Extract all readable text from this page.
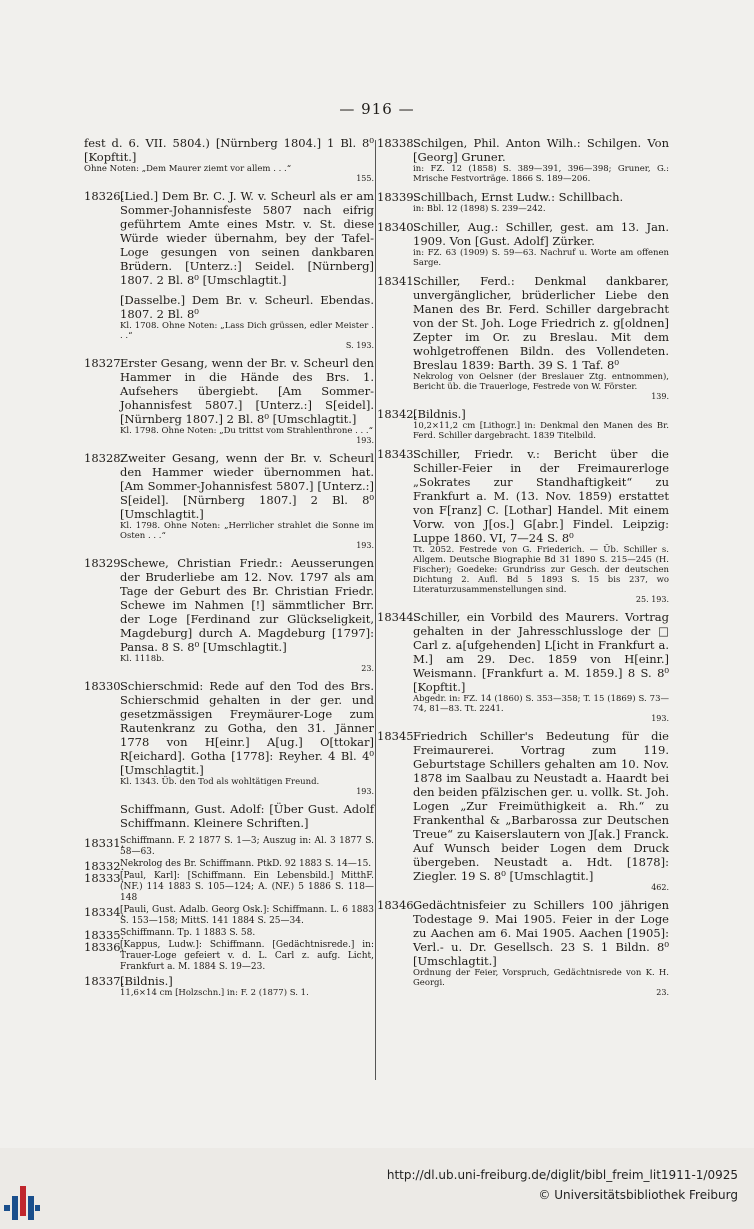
— 916 —
fest d. 6. VII. 5804.) [Nürnberg 1804.] 1 Bl. 8⁰ [Kopftit.]
Ohne Noten: „Dem Maurer ziemt vor allem . . .“
155.
18326.
[Lied.] Dem Br. C. J. W. v. Scheurl als er am Sommer-Johannisfeste 5807 nach eifrig geführtem Amte eines Mstr. v. St. diese Würde wieder übernahm, bey der Tafel-Loge gesungen von seinen dankbaren Brüdern. [Unterz.:] Seidel. [Nürnberg] 1807. 2 Bl. 8⁰ [Umschlagtit.]
[Dasselbe.] Dem Br. v. Scheurl. Ebendas. 1807. 2 Bl. 8⁰
Kl. 1708. Ohne Noten: „Lass Dich grüssen, edler Meister . . .“
S. 193.
18327.
Erster Gesang, wenn der Br. v. Scheurl den Hammer in die Hände des Brs. 1. Aufsehers übergiebt. [Am Sommer-Johannisfest 5807.] [Unterz.:] S[eidel]. [Nürnberg 1807.] 2 Bl. 8⁰ [Umschlagtit.]
Kl. 1798. Ohne Noten: „Du trittst vom Strahlenthrone . . .“
193.
18328.
Zweiter Gesang, wenn der Br. v. Scheurl den Hammer wieder übernommen hat. [Am Sommer-Johannisfest 5807.] [Unterz.:] S[eidel]. [Nürnberg 1807.] 2 Bl. 8⁰ [Umschlagtit.]
Kl. 1798. Ohne Noten: „Herrlicher strahlet die Sonne im Osten . . .“
193.
18329.
Schewe, Christian Friedr.: Aeusserungen der Bruderliebe am 12. Nov. 1797 als am Tage der Geburt des Br. Christian Friedr. Schewe im Nahmen [!] sämmtlicher Brr. der Loge [Ferdinand zur Glückseligkeit, Magdeburg] durch A. Magdeburg [1797]: Pansa. 8 S. 8⁰ [Umschlagtit.]
Kl. 1118b.
23.
18330.
Schierschmid: Rede auf den Tod des Brs. Schierschmid gehalten in der ger. und gesetzmässigen Freymäurer-Loge zum Rautenkranz zu Gotha, den 31. Jänner 1778 von H[einr.] A[ug.] O[ttokar] R[eichard]. Gotha [1778]: Reyher. 4 Bl. 4⁰ [Umschlagtit.]
Kl. 1343. Üb. den Tod als wohltätigen Freund.
193.
Schiffmann, Gust. Adolf: [Über Gust. Adolf Schiffmann. Kleinere Schriften.]
18331.
Schiffmann. F. 2 1877 S. 1—3; Auszug in: Al. 3 1877 S. 58—63.
18332.
Nekrolog des Br. Schiffmann. PtkD. 92 1883 S. 14—15.
18333.
[Paul, Karl]: [Schiffmann. Ein Lebensbild.] MitthF. (NF.) 114 1883 S. 105—124; A. (NF.) 5 1886 S. 118—148
18334.
[Pauli, Gust. Adalb. Georg Osk.]: Schiffmann. L. 6 1883 S. 153—158; MittS. 141 1884 S. 25—34.
18335.
Schiffmann. Tp. 1 1883 S. 58.
18336.
[Kappus, Ludw.]: Schiffmann. [Gedächtnisrede.] in: Trauer-Loge gefeiert v. d. L. Carl z. aufg. Licht, Frankfurt a. M. 1884 S. 19—23.
18337.
[Bildnis.]
11,6×14 cm [Holzschn.] in: F. 2 (1877) S. 1.
18338.
Schilgen, Phil. Anton Wilh.: Schilgen. Von [Georg] Gruner.
in: FZ. 12 (1858) S. 389—391, 396—398; Gruner, G.: Mrische Festvorträge. 1866 S. 189—206.
18339.
Schillbach, Ernst Ludw.: Schillbach.
in: Bbl. 12 (1898) S. 239—242.
18340.
Schiller, Aug.: Schiller, gest. am 13. Jan. 1909. Von [Gust. Adolf] Zürker.
in: FZ. 63 (1909) S. 59—63. Nachruf u. Worte am offenen Sarge.
18341.
Schiller, Ferd.: Denkmal dankbarer, unvergänglicher, brüderlicher Liebe den Manen des Br. Ferd. Schiller dargebracht von der St. Joh. Loge Friedrich z. g[oldnen] Zepter im Or. zu Breslau. Mit dem wohlgetroffenen Bildn. des Vollendeten. Breslau 1839: Barth. 39 S. 1 Taf. 8⁰
Nekrolog von Oelsner (der Breslauer Ztg. entnommen), Bericht üb. die Trauerloge, Festrede von W. Förster.
139.
18342.
[Bildnis.]
10,2×11,2 cm [Lithogr.] in: Denkmal den Manen des Br. Ferd. Schiller dargebracht. 1839 Titelbild.
18343.
Schiller, Friedr. v.: Bericht über die Schiller-Feier in der Freimaurerloge „Sokrates zur Standhaftigkeit“ zu Frankfurt a. M. (13. Nov. 1859) erstattet von F[ranz] C. [Lothar] Handel. Mit einem Vorw. von J[os.] G[abr.] Findel. Leipzig: Luppe 1860. VI, 7—24 S. 8⁰
Tt. 2052. Festrede von G. Friederich. — Üb. Schiller s. Allgem. Deutsche Biographie Bd 31 1890 S. 215—245 (H. Fischer); Goedeke: Grundriss zur Gesch. der deutschen Dichtung 2. Aufl. Bd 5 1893 S. 15 bis 237, wo Literaturzusammenstellungen sind.
25. 193.
18344.
Schiller, ein Vorbild des Maurers. Vortrag gehalten in der Jahresschlussloge der □ Carl z. a[ufgehenden] L[icht in Frankfurt a. M.] am 29. Dec. 1859 von H[einr.] Weismann. [Frankfurt a. M. 1859.] 8 S. 8⁰ [Kopftit.]
Abgedr. in: FZ. 14 (1860) S. 353—358; T. 15 (1869) S. 73—74, 81—83. Tt. 2241.
193.
18345.
Friedrich Schiller's Bedeutung für die Freimaurerei. Vortrag zum 119. Geburtstage Schillers gehalten am 10. Nov. 1878 im Saalbau zu Neustadt a. Haardt bei den beiden pfälzischen ger. u. vollk. St. Joh. Logen „Zur Freimüthigkeit a. Rh.“ zu Frankenthal & „Barbarossa zur Deutschen Treue“ zu Kaiserslautern von J[ak.] Franck. Auf Wunsch beider Logen dem Druck übergeben. Neustadt a. Hdt. [1878]: Ziegler. 19 S. 8⁰ [Umschlagtit.]
462.
18346.
Gedächtnisfeier zu Schillers 100 jährigen Todestage 9. Mai 1905. Feier in der Loge zu Aachen am 6. Mai 1905. Aachen [1905]: Verl.- u. Dr. Gesellsch. 23 S. 1 Bildn. 8⁰ [Umschlagtit.]
Ordnung der Feier, Vorspruch, Gedächtnisrede von K. H. Georgi.
23.
http://dl.ub.uni-freiburg.de/diglit/bibl_freim_lit1911-1/0925
© Universitätsbibliothek Freiburg
